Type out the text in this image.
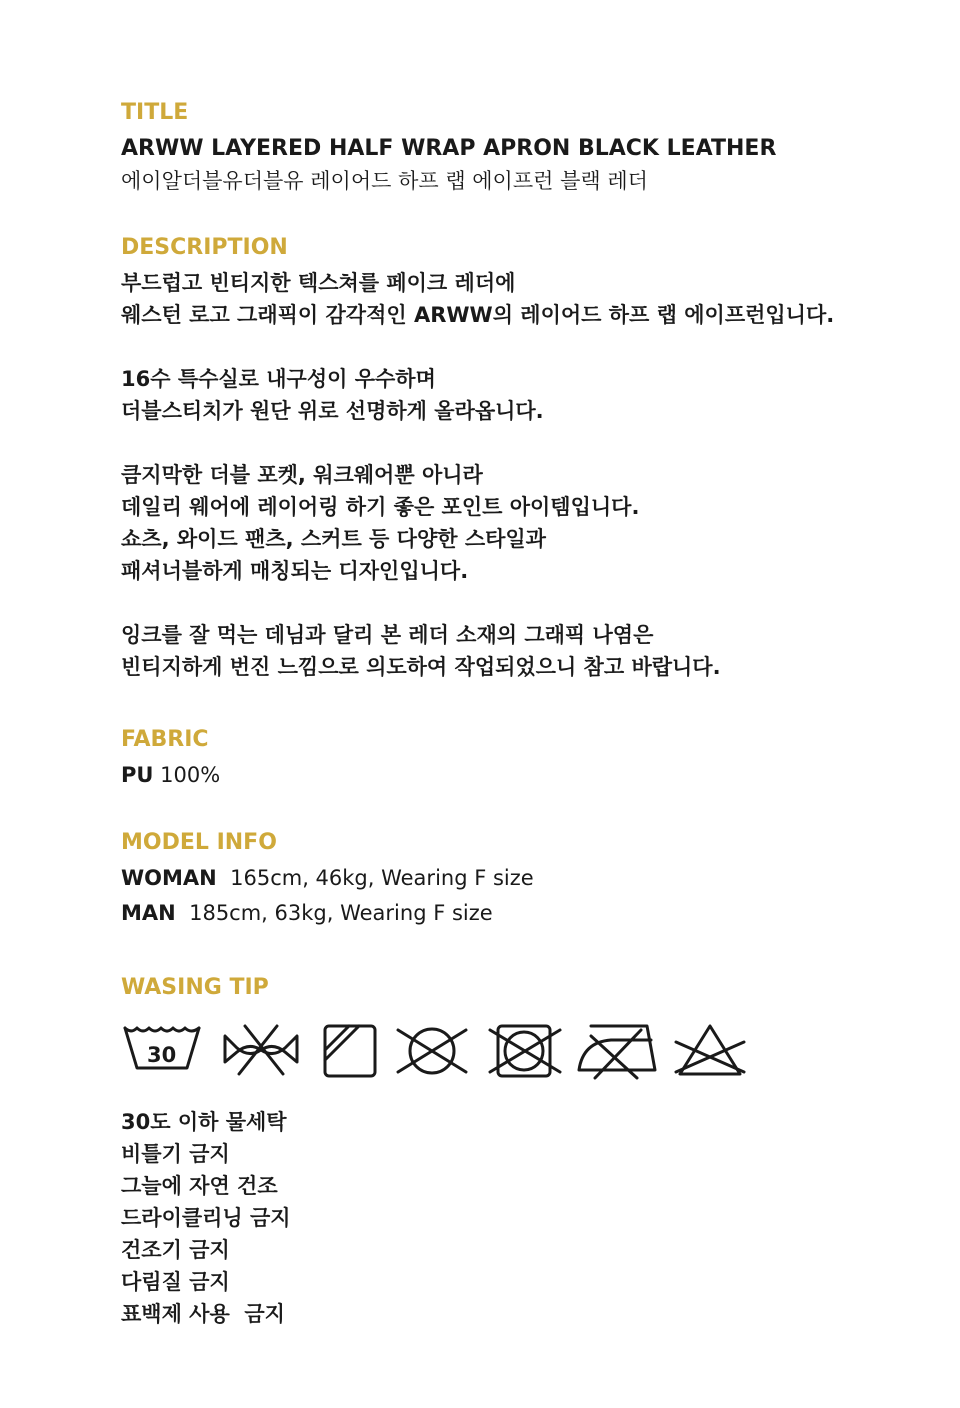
TITLE
ARWW LAYERED HALF WRAP APRON BLACK LEATHER
에이알더블유더블유 레이어드 하프 랩 에이프런 블랙 레더
DESCRIPTION
부드럽고 빈티지한 텍스쳐를 페이크 레더에
웨스턴 로고 그래픽이 감각적인 ARWW의 레이어드 하프 랩 에이프런입니다.
16수 특수실로 내구성이 우수하며
더블스티치가 원단 위로 선명하게 올라옵니다.
큼지막한 더블 포켓, 워크웨어뿐 아니라
데일리 웨어에 레이어링 하기 좋은 포인트 아이템입니다.
쇼츠, 와이드 팬츠, 스커트 등 다양한 스타일과
패셔너블하게 매칭되는 디자인입니다.
잉크를 잘 먹는 데님과 달리 본 레더 소재의 그래픽 나염은
빈티지하게 번진 느낌으로 의도하여 작업되었으니 참고 바랍니다.
FABRIC
PU 100%
MODEL INFO
WOMAN 165cm, 46kg, Wearing F size
MAN 185cm, 63kg, Wearing F size
WASING TIP
30
30도 이하 물세탁
비틀기 금지
그늘에 자연 건조
드라이클리닝 금지
건조기 금지
다림질 금지
표백제 사용  금지
